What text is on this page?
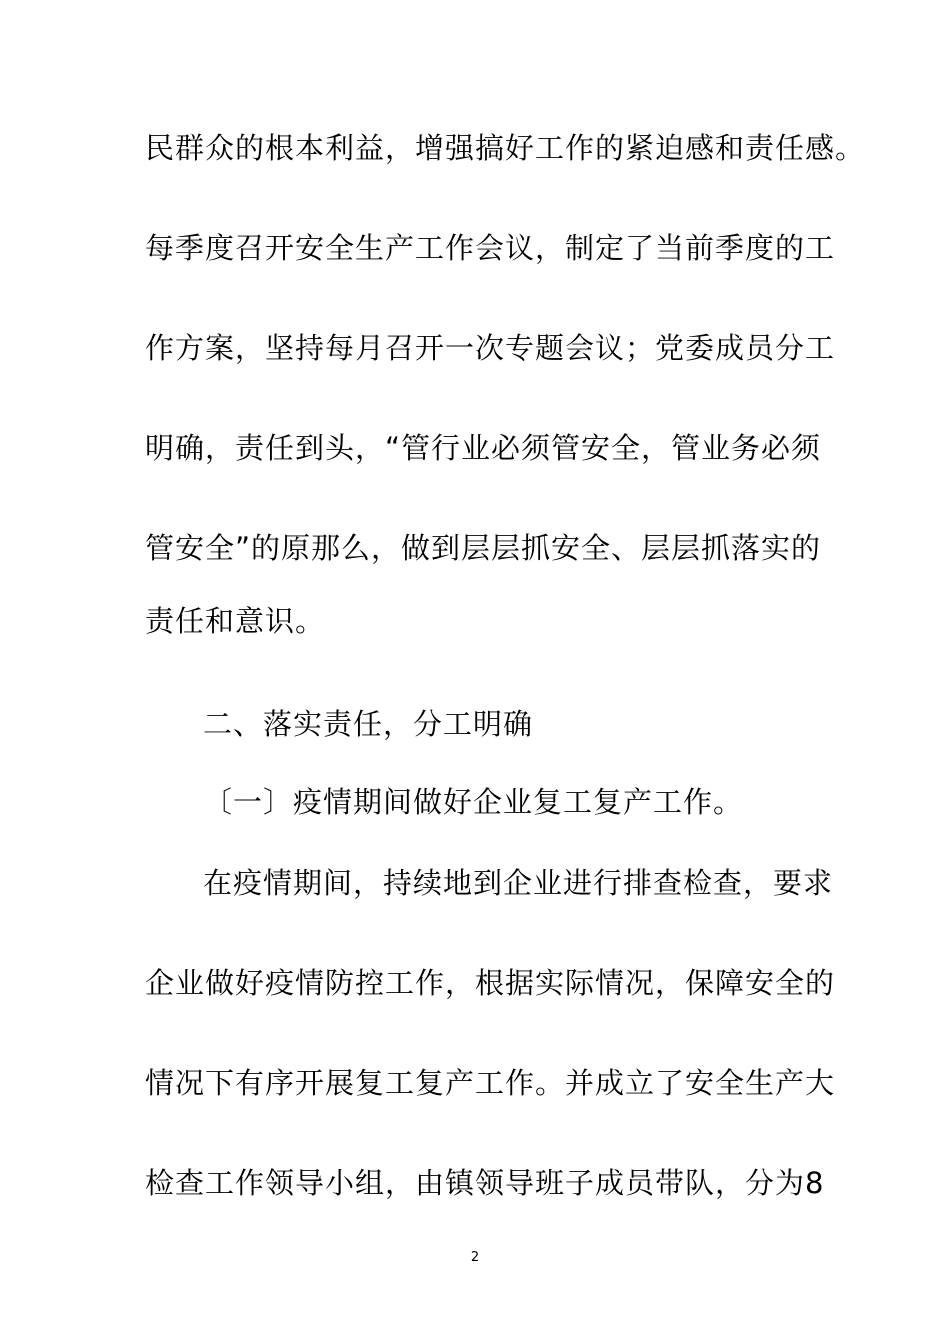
民群众的根本利益，增强搞好工作的紧迫感和责任感。
每季度召开安全生产工作会议，制定了当前季度的工
作方案，坚持每月召开一次专题会议；党委成员分工
明确，责任到头，“管行业必须管安全，管业务必须
管安全”的原那么，做到层层抓安全、层层抓落实的
责任和意识。
二、落实责任，分工明确
〔一〕疫情期间做好企业复工复产工作。
在疫情期间，持续地到企业进行排查检查，要求
企业做好疫情防控工作，根据实际情况，保障安全的
情况下有序开展复工复产工作。并成立了安全生产大
检查工作领导小组，由镇领导班子成员带队，分为8
2
